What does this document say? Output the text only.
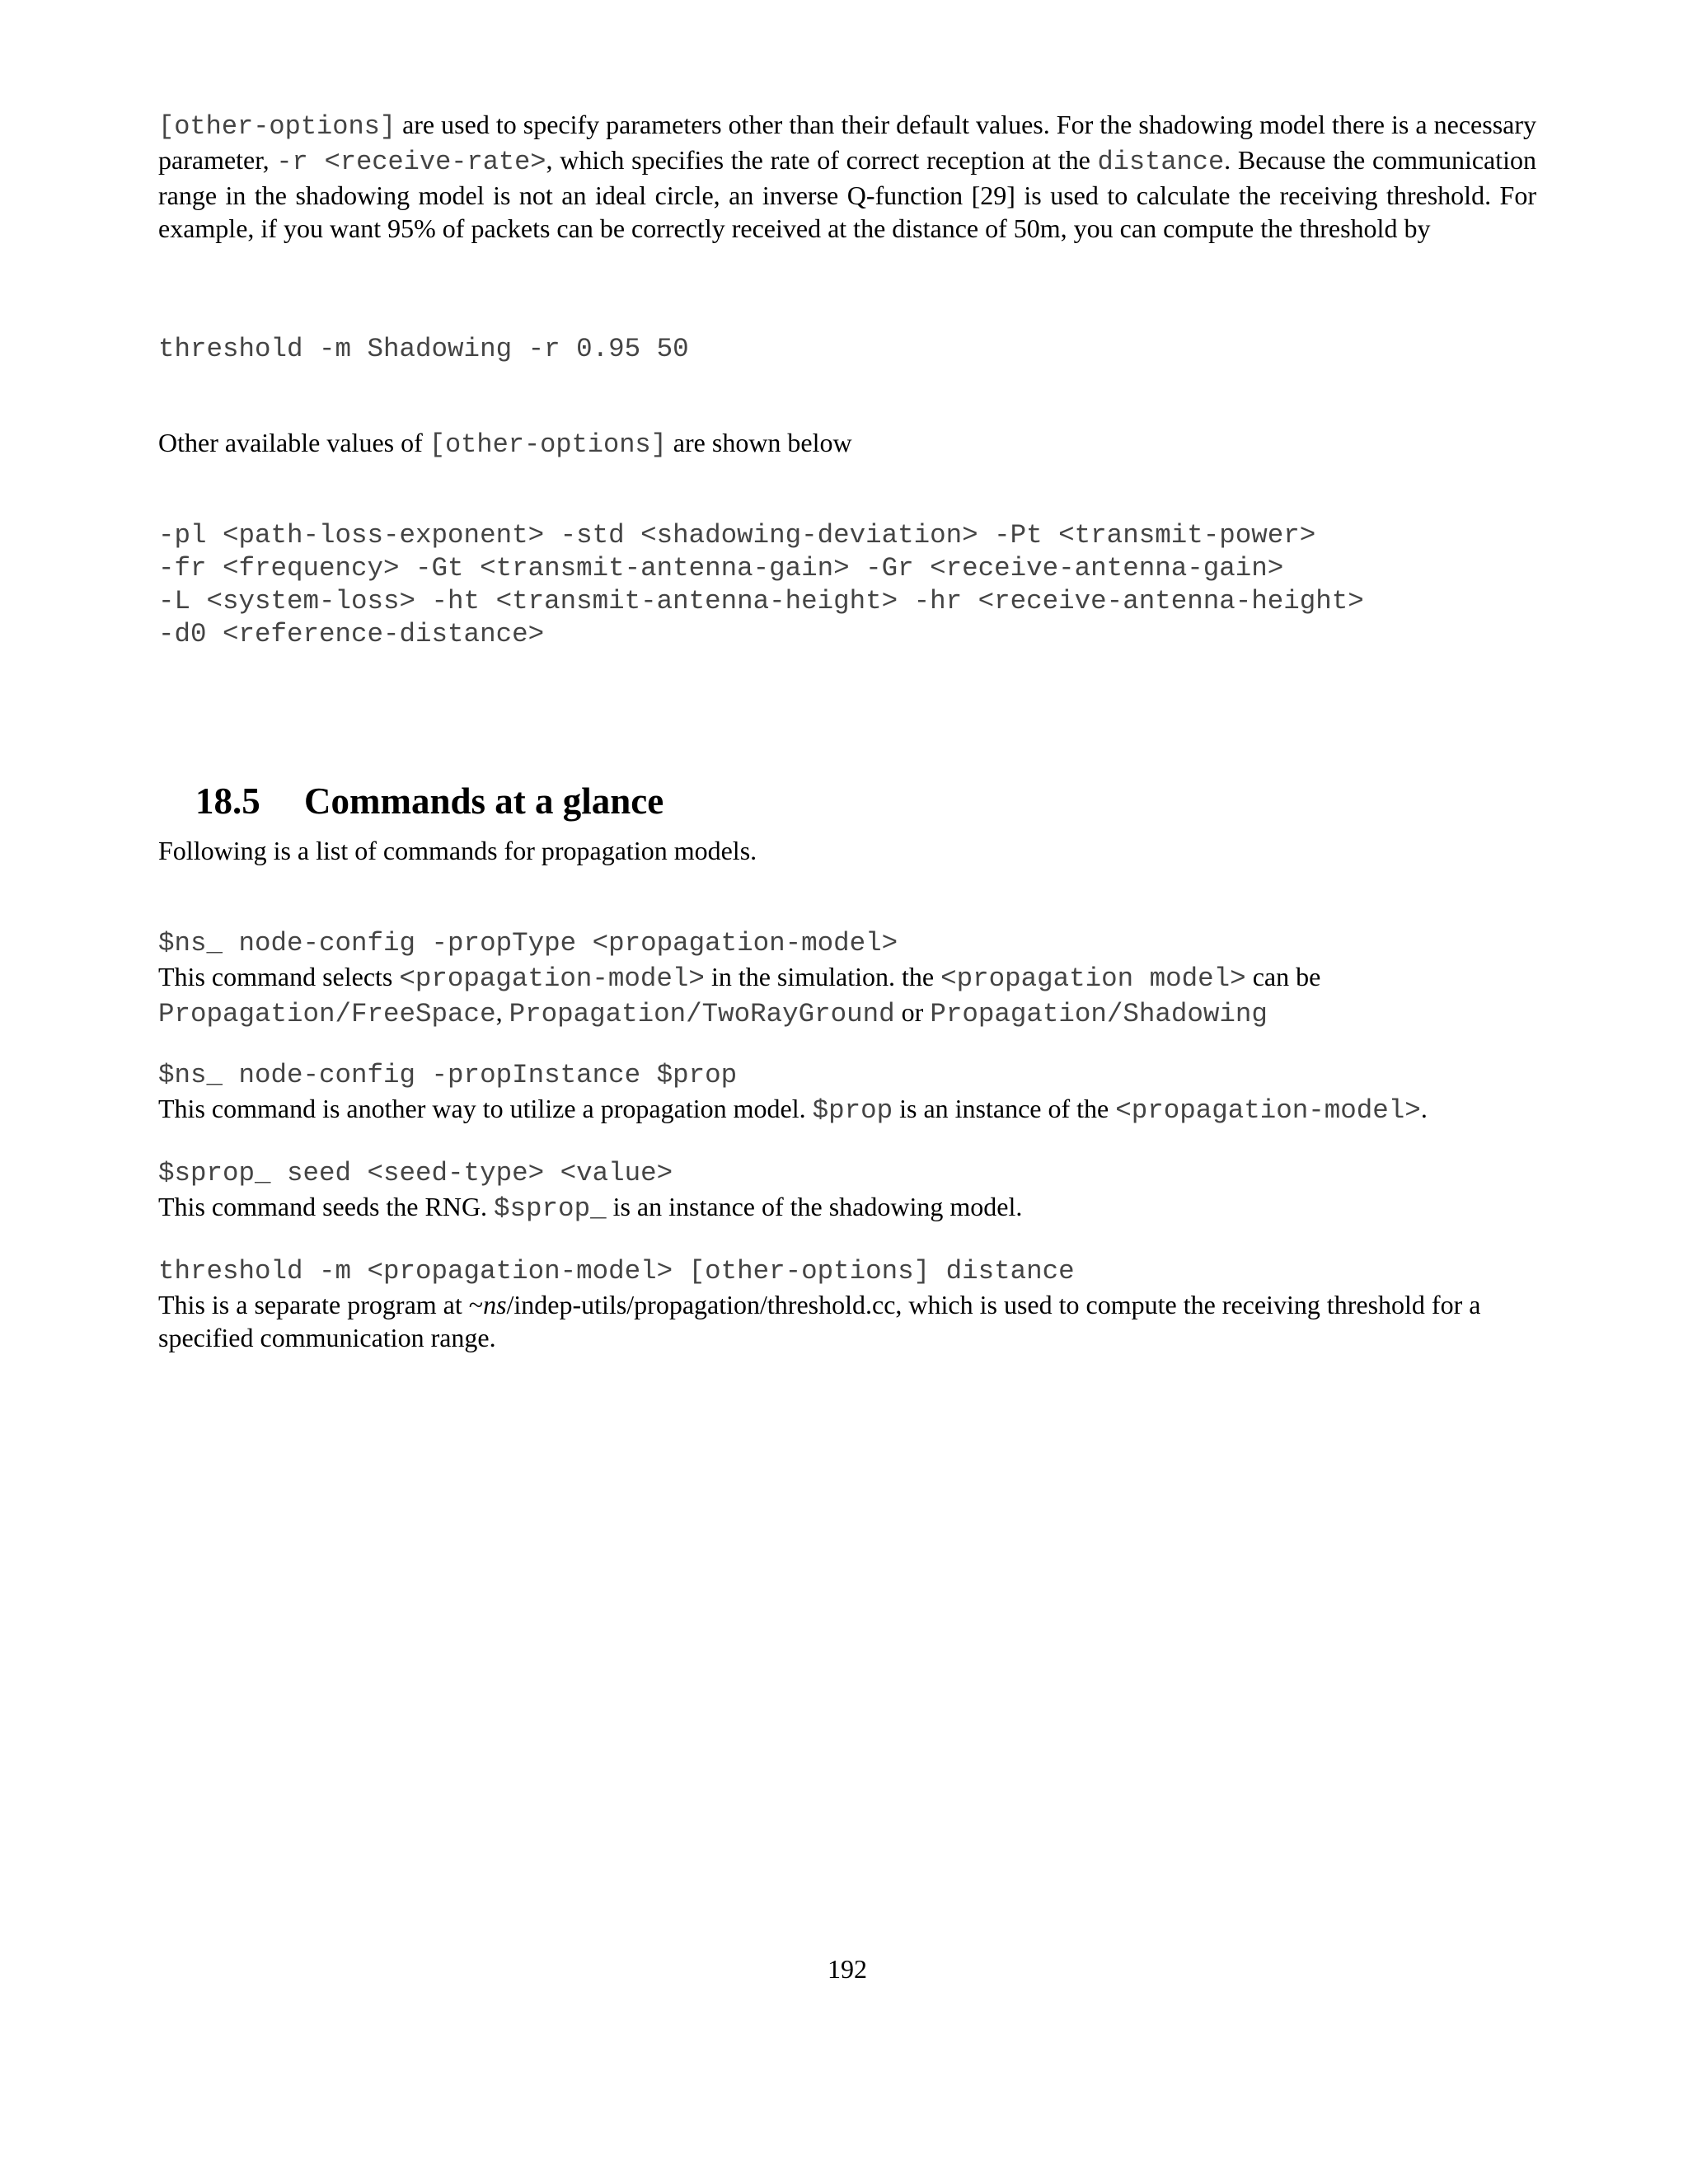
[other-options] are used to specify parameters other than their default values. For the shadowing model there is a necessary parameter, -r <receive-rate>, which specifies the rate of correct reception at the distance. Because the communication range in the shadowing model is not an ideal circle, an inverse Q-function [29] is used to calculate the receiving threshold. For example, if you want 95% of packets can be correctly received at the distance of 50m, you can compute the threshold by

threshold -m Shadowing -r 0.95 50

Other available values of [other-options] are shown below

-pl <path-loss-exponent> -std <shadowing-deviation> -Pt <transmit-power>
-fr <frequency> -Gt <transmit-antenna-gain> -Gr <receive-antenna-gain>
-L <system-loss> -ht <transmit-antenna-height> -hr <receive-antenna-height>
-d0 <reference-distance>

18.5 Commands at a glance

Following is a list of commands for propagation models.

$ns_ node-config -propType <propagation-model>
This command selects <propagation-model> in the simulation. the <propagation model> can be
Propagation/FreeSpace, Propagation/TwoRayGround or Propagation/Shadowing
$ns_ node-config -propInstance $prop
This command is another way to utilize a propagation model. $prop is an instance of the <propagation-model>.
$sprop_ seed <seed-type> <value>
This command seeds the RNG. $sprop_ is an instance of the shadowing model.
threshold -m <propagation-model> [other-options] distance
This is a separate program at ~ns/indep-utils/propagation/threshold.cc, which is used to compute the receiving threshold for a specified communication range.
192
